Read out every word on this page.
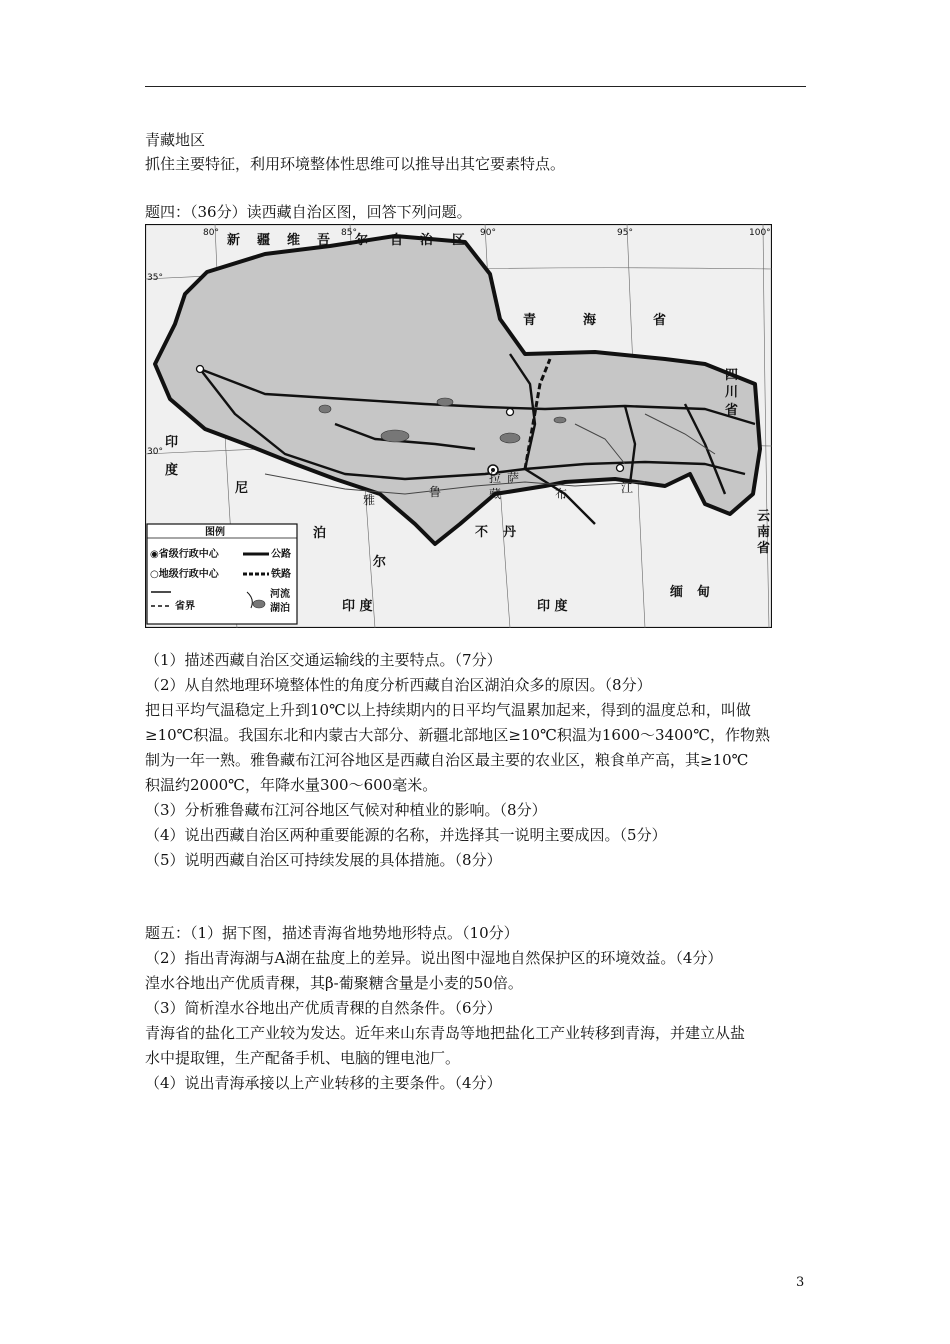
青藏地区
抓住主要特征，利用环境整体性思维可以推导出其它要素特点。
题四：（36分）读西藏自治区图，回答下列问题。
80°	85°	90°	95°	100°
35°
30°
新 疆 维 吾 尔 自 治 区
青	海	省
四
川
省
云
南
省
印
度
尼
泊
尔
不 丹
缅 甸
印 度	印 度
拉 萨
雅
鲁	藏	布	江
图例
◉省级行政中心
○地级行政中心
公路
铁路
省界
河流
湖泊
（1）描述西藏自治区交通运输线的主要特点。（7分）
（2）从自然地理环境整体性的角度分析西藏自治区湖泊众多的原因。（8分）
把日平均气温稳定上升到10℃以上持续期内的日平均气温累加起来，得到的温度总和，叫做
≥10℃积温。我国东北和内蒙古大部分、新疆北部地区≥10℃积温为1600～3400℃，作物熟
制为一年一熟。雅鲁藏布江河谷地区是西藏自治区最主要的农业区，粮食单产高，其≥10℃
积温约2000℃，年降水量300～600毫米。
（3）分析雅鲁藏布江河谷地区气候对种植业的影响。（8分）
（4）说出西藏自治区两种重要能源的名称，并选择其一说明主要成因。（5分）
（5）说明西藏自治区可持续发展的具体措施。（8分）
题五：（1）据下图，描述青海省地势地形特点。（10分）
（2）指出青海湖与A湖在盐度上的差异。说出图中湿地自然保护区的环境效益。（4分）
湟水谷地出产优质青稞，其β-葡聚糖含量是小麦的50倍。
（3）简析湟水谷地出产优质青稞的自然条件。（6分）
青海省的盐化工产业较为发达。近年来山东青岛等地把盐化工产业转移到青海，并建立从盐
水中提取锂，生产配备手机、电脑的锂电池厂。
（4）说出青海承接以上产业转移的主要条件。（4分）
3
